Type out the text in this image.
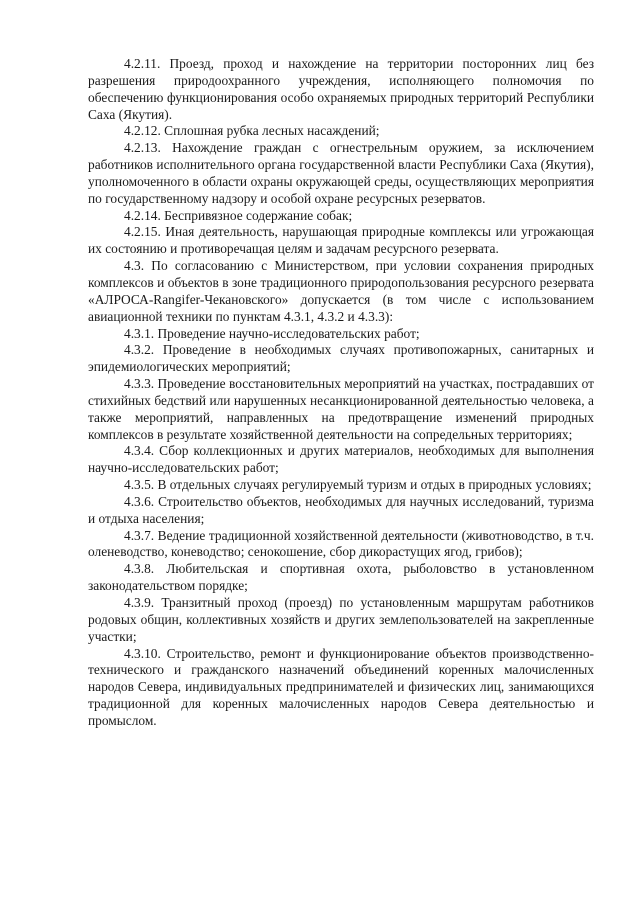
4.2.11. Проезд, проход и нахождение на территории посторонних лиц без разрешения природоохранного учреждения, исполняющего полномочия по обеспечению функционирования особо охраняемых природных территорий Республики Саха (Якутия).

4.2.12. Сплошная рубка лесных насаждений;

4.2.13. Нахождение граждан с огнестрельным оружием, за исключением работников исполнительного органа государственной власти Республики Саха (Якутия), уполномоченного в области охраны окружающей среды, осуществляющих мероприятия по государственному надзору и особой охране ресурсных резерватов.

4.2.14. Беспривязное содержание собак;

4.2.15. Иная деятельность, нарушающая природные комплексы или угрожающая их состоянию и противоречащая целям и задачам ресурсного резервата.

4.3. По согласованию с Министерством, при условии сохранения природных комплексов и объектов в зоне традиционного природопользования ресурсного резервата «АЛРОСА-Rangifer-Чекановского» допускается (в том числе с использованием авиационной техники по пунктам 4.3.1, 4.3.2 и 4.3.3):

4.3.1. Проведение научно-исследовательских работ;

4.3.2. Проведение в необходимых случаях противопожарных, санитарных и эпидемиологических мероприятий;

4.3.3. Проведение восстановительных мероприятий на участках, пострадавших от стихийных бедствий или нарушенных несанкционированной деятельностью человека, а также мероприятий, направленных на предотвращение изменений природных комплексов в результате хозяйственной деятельности на сопредельных территориях;

4.3.4. Сбор коллекционных и других материалов, необходимых для выполнения научно-исследовательских работ;

4.3.5. В отдельных случаях регулируемый туризм и отдых в природных условиях;

4.3.6. Строительство объектов, необходимых для научных исследований, туризма и отдыха населения;

4.3.7. Ведение традиционной хозяйственной деятельности (животноводство, в т.ч. оленеводство, коневодство; сенокошение, сбор дикорастущих ягод, грибов);

4.3.8. Любительская и спортивная охота, рыболовство в установленном законодательством порядке;

4.3.9. Транзитный проход (проезд) по установленным маршрутам работников родовых общин, коллективных хозяйств и других землепользователей на закрепленные участки;

4.3.10. Строительство, ремонт и функционирование объектов производственно-технического и гражданского назначений объединений коренных малочисленных народов Севера, индивидуальных предпринимателей и физических лиц, занимающихся традиционной для коренных малочисленных народов Севера деятельностью и промыслом.
